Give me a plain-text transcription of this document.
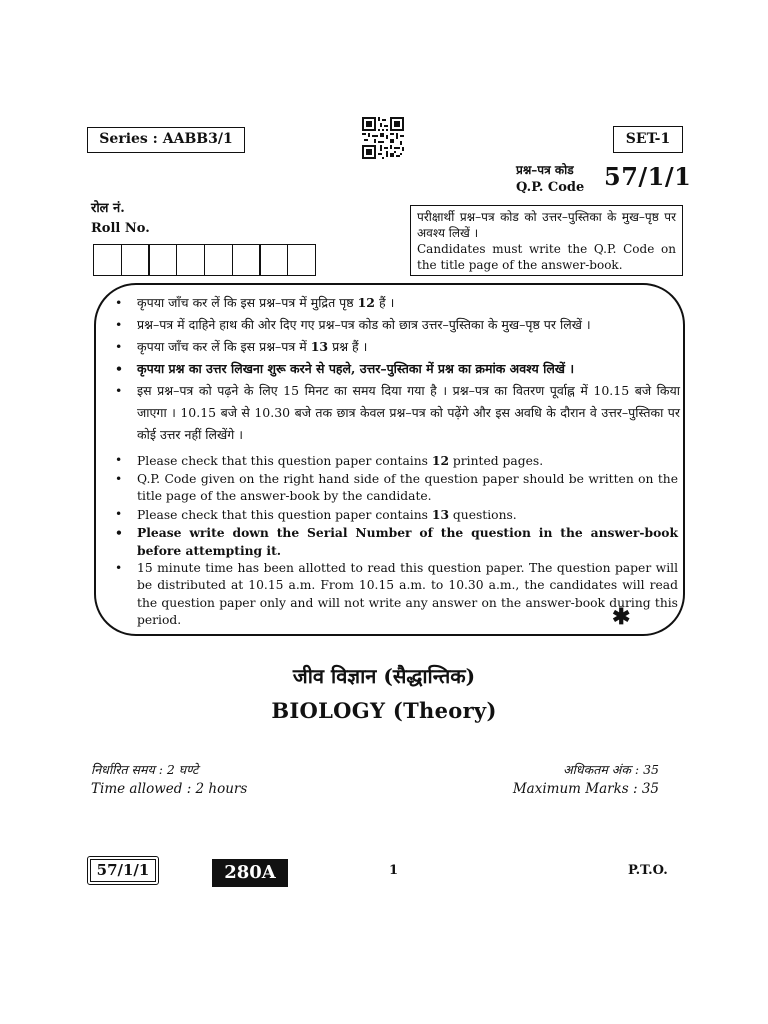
Series : AABB3/1	SET-1
प्रश्न–पत्र कोड
Q.P. Code 57/1/1
रोल नं.
Roll No.

परीक्षार्थी प्रश्न–पत्र कोड को उत्तर–पुस्तिका के मुख–पृष्ठ पर अवश्य लिखें ।

Candidates must write the Q.P. Code on the title page of the answer-book.

• कृपया जाँच कर लें कि इस प्रश्न–पत्र में मुद्रित पृष्ठ 12 हैं ।
• प्रश्न–पत्र में दाहिने हाथ की ओर दिए गए प्रश्न–पत्र कोड को छात्र उत्तर–पुस्तिका के मुख–पृष्ठ पर लिखें ।
• कृपया जाँच कर लें कि इस प्रश्न–पत्र में 13 प्रश्न हैं ।
• कृपया प्रश्न का उत्तर लिखना शुरू करने से पहले, उत्तर–पुस्तिका में प्रश्न का क्रमांक अवश्य लिखें ।
• इस प्रश्न–पत्र को पढ़ने के लिए 15 मिनट का समय दिया गया है । प्रश्न–पत्र का वितरण पूर्वाह्न में 10.15 बजे किया जाएगा । 10.15 बजे से 10.30 बजे तक छात्र केवल प्रश्न–पत्र को पढ़ेंगे और इस अवधि के दौरान वे उत्तर–पुस्तिका पर कोई उत्तर नहीं लिखेंगे ।
• Please check that this question paper contains 12 printed pages.
• Q.P. Code given on the right hand side of the question paper should be written on the title page of the answer-book by the candidate.
• Please check that this question paper contains 13 questions.
• Please write down the Serial Number of the question in the answer-book before attempting it.
• 15 minute time has been allotted to read this question paper. The question paper will be distributed at 10.15 a.m. From 10.15 a.m. to 10.30 a.m., the candidates will read the question paper only and will not write any answer on the answer-book during this period.	✱
जीव विज्ञान (सैद्धान्तिक)
BIOLOGY (Theory)
निर्धारित समय : 2 घण्टे
Time allowed : 2 hours
अधिकतम अंक : 35
Maximum Marks : 35
57/1/1	280A	1	P.T.O.
